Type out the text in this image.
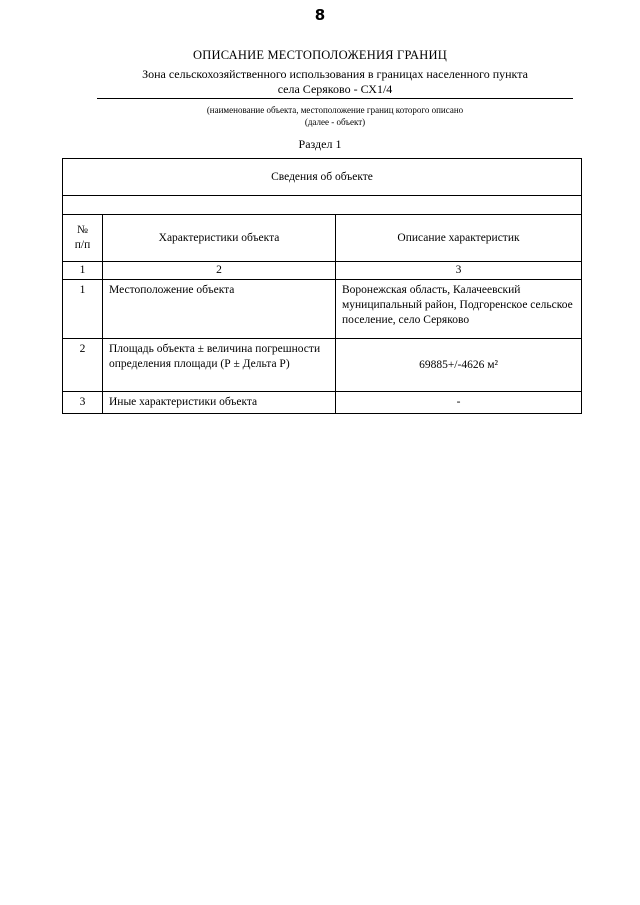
8
ОПИСАНИЕ МЕСТОПОЛОЖЕНИЯ ГРАНИЦ
Зона сельскохозяйственного использования в границах населенного пункта
села Серяково - СХ1/4
(наименование объекта, местоположение границ которого описано
(далее - объект)
Раздел 1
Сведения об объекте		

№
п/п	Характеристики объекта	Описание характеристик
1	2	3
1	Местоположение объекта	Воронежская область, Калачеевский муниципальный район, Подгоренское сельское поселение, село Серяково
2	Площадь объекта ± величина погрешности определения площади (Р ± Дельта Р)	69885+/-4626 м²
3	Иные характеристики объекта	-
